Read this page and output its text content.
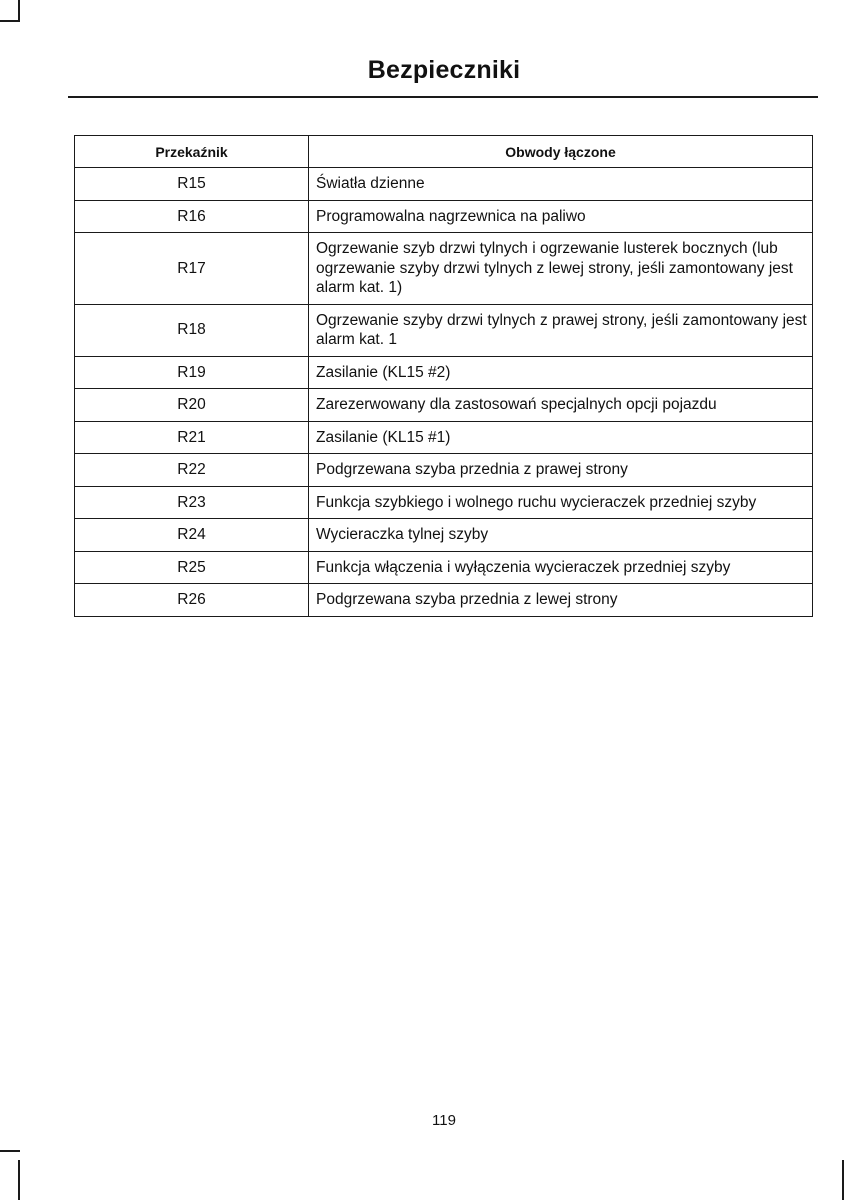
Bezpieczniki
Przekaźnik	Obwody łączone
R15	Światła dzienne
R16	Programowalna nagrzewnica na paliwo
R17	Ogrzewanie szyb drzwi tylnych i ogrzewanie lusterek bocznych (lub ogrzewanie szyby drzwi tylnych z lewej strony, jeśli zamontowany jest alarm kat. 1)
R18	Ogrzewanie szyby drzwi tylnych z prawej strony, jeśli zamontowany jest alarm kat. 1
R19	Zasilanie (KL15 #2)
R20	Zarezerwowany dla zastosowań specjalnych opcji pojazdu
R21	Zasilanie (KL15 #1)
R22	Podgrzewana szyba przednia z prawej strony
R23	Funkcja szybkiego i wolnego ruchu wycieraczek przedniej szyby
R24	Wycieraczka tylnej szyby
R25	Funkcja włączenia i wyłączenia wycieraczek przedniej szyby
R26	Podgrzewana szyba przednia z lewej strony
119
